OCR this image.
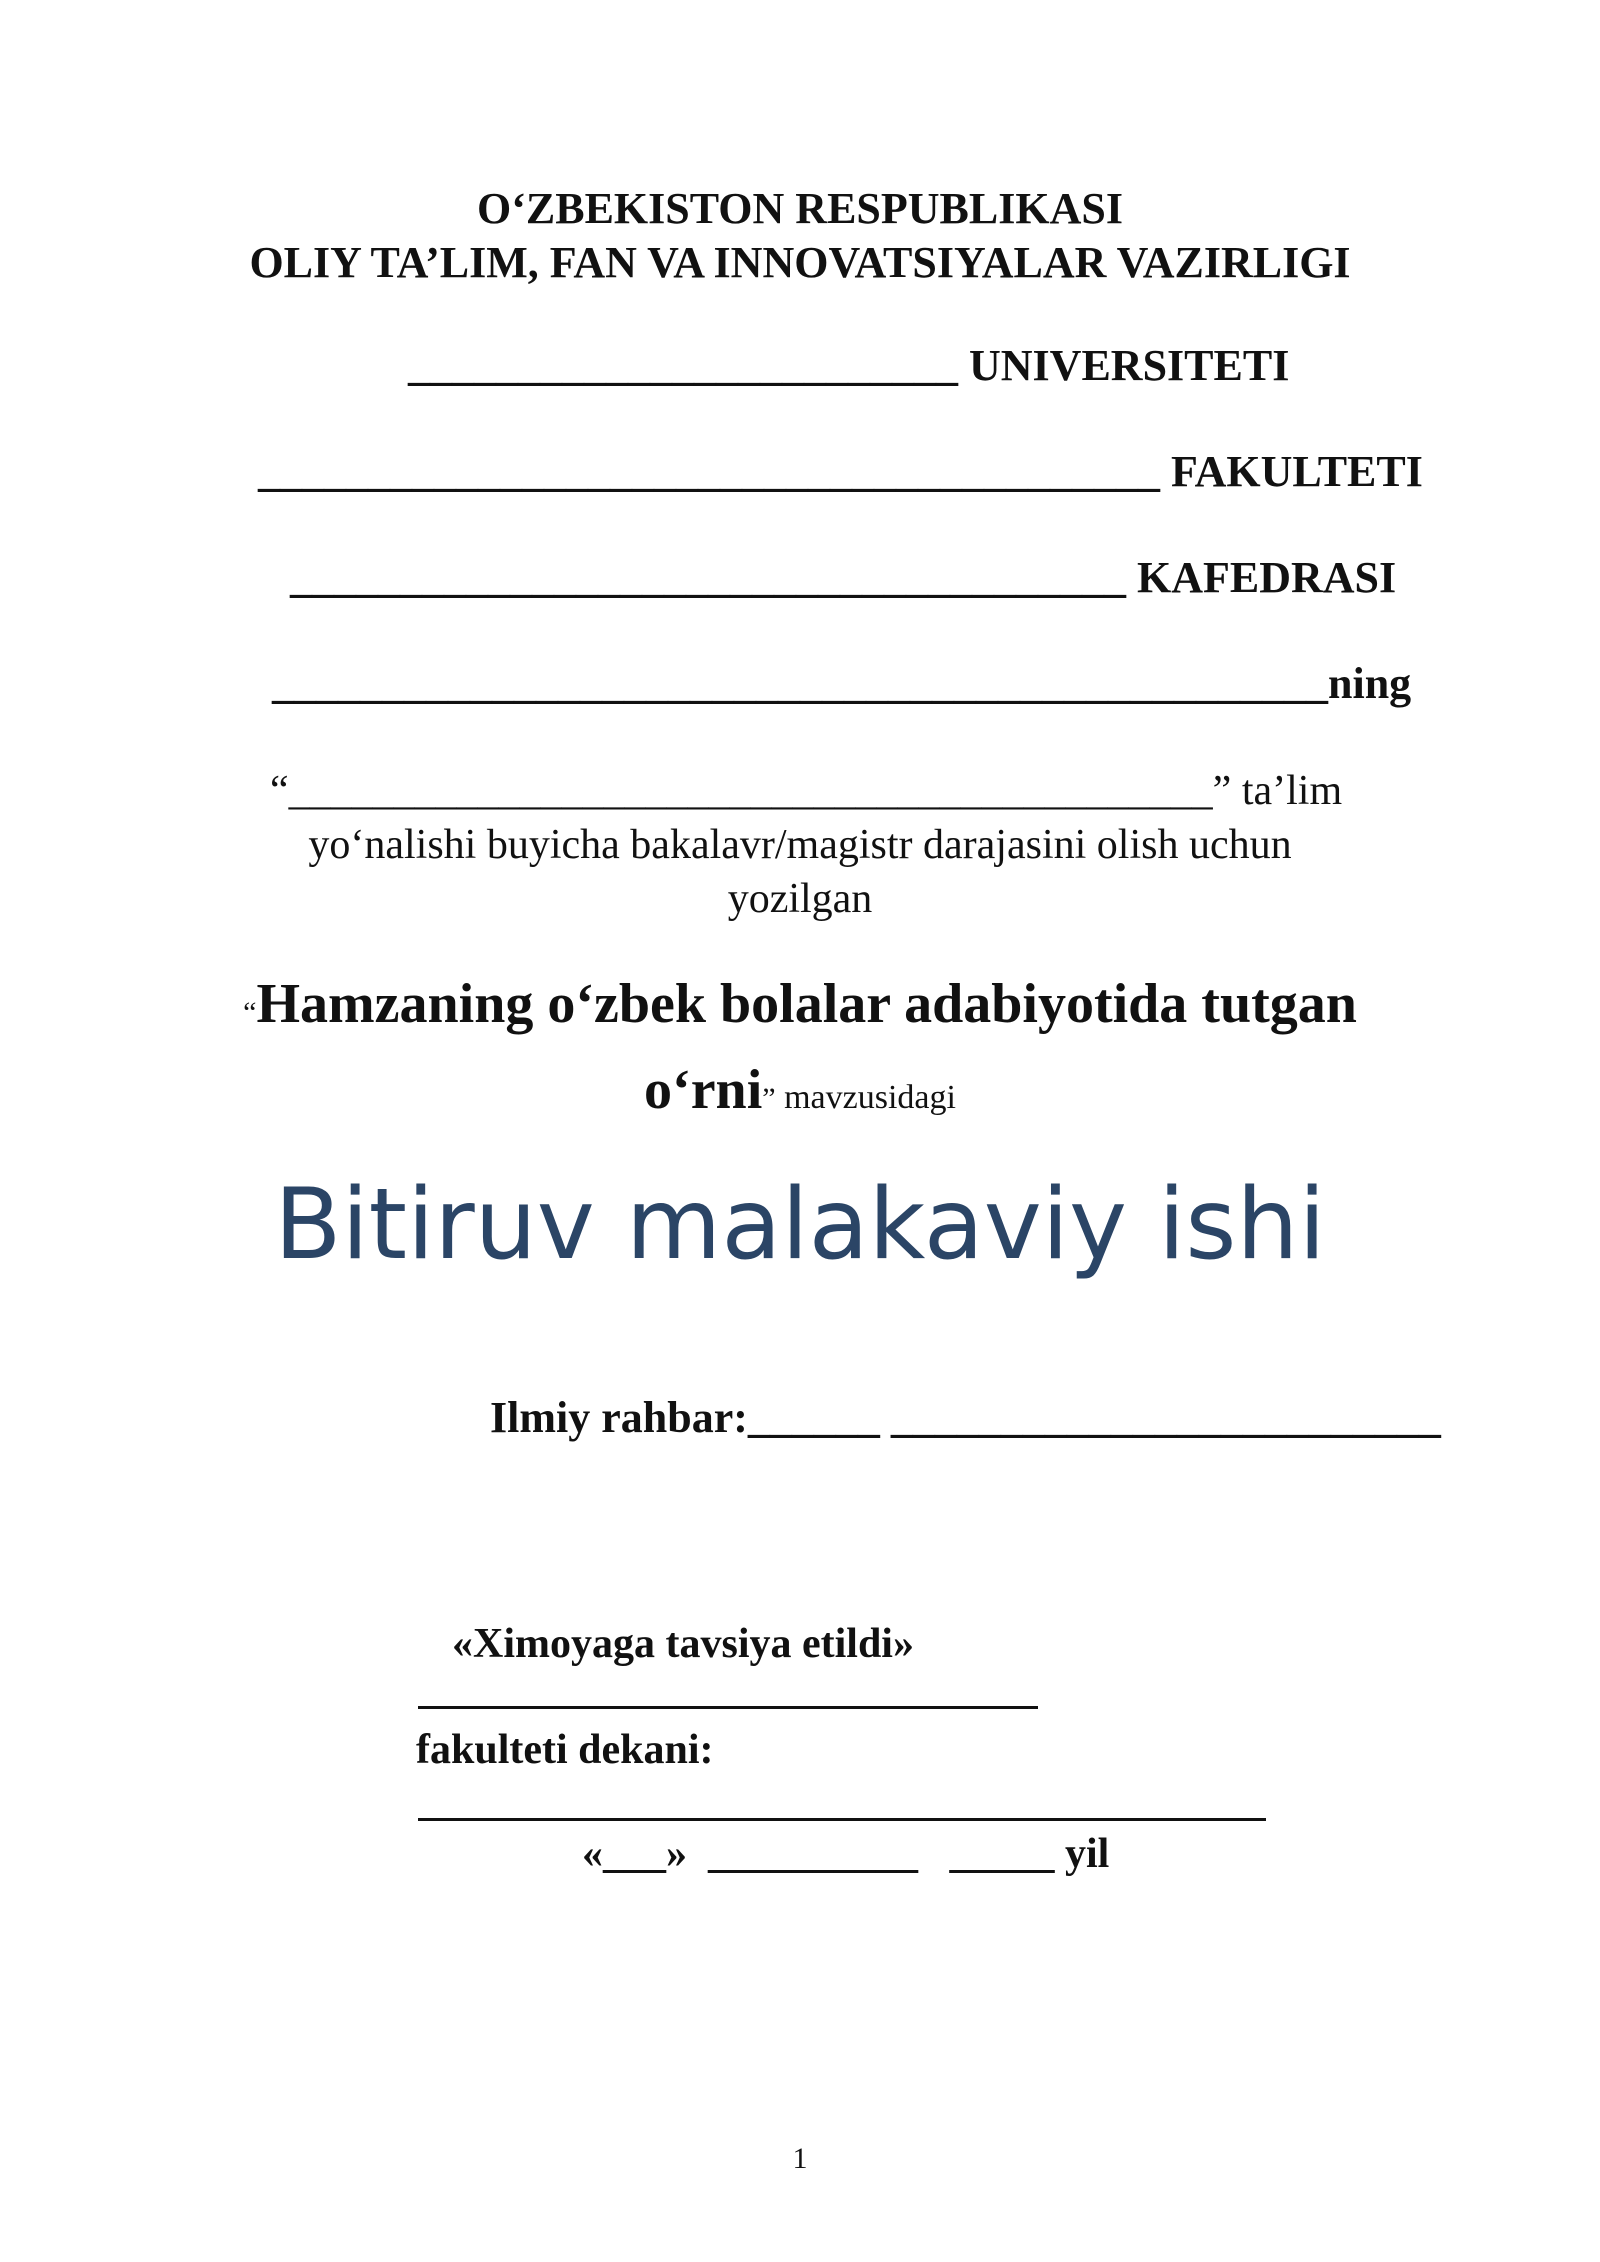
O‘ZBEKISTON RESPUBLIKASI
OLIY TA’LIM, FAN VA INNOVATSIYALAR VAZIRLIGI
_________________________ UNIVERSITETI
_________________________________________ FAKULTETI
______________________________________ KAFEDRASI
________________________________________________ning
“____________________________________________” ta’lim
yo‘nalishi buyicha bakalavr/magistr darajasini olish uchun
yozilgan
“Hamzaning o‘zbek bolalar adabiyotida tutgan
o‘rni” mavzusidagi
Bitiruv malakaviy ishi
Ilmiy rahbar:______ _________________________
«Ximoyaga tavsiya etildi»
fakulteti dekani:
«___» __________ _____ yil
1
